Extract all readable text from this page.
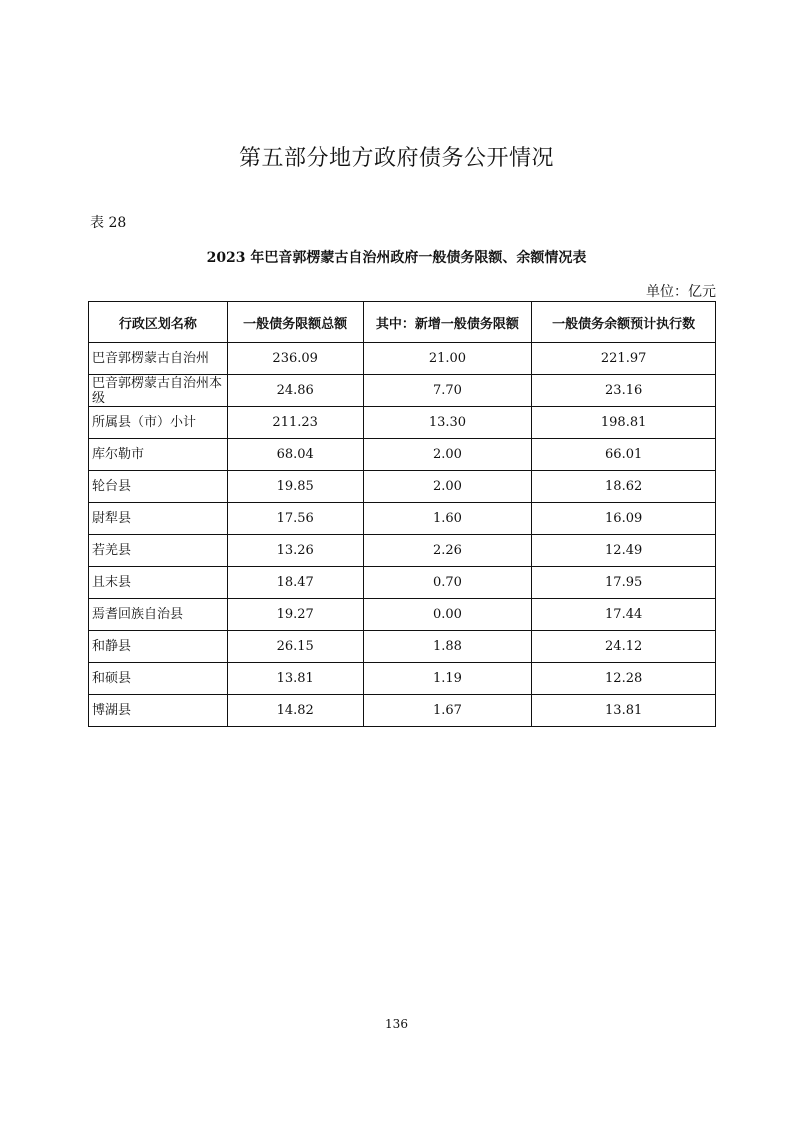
第五部分地方政府债务公开情况
表 28
2023 年巴音郭楞蒙古自治州政府一般债务限额、余额情况表
单位：亿元
行政区划名称	一般债务限额总额	其中：新增一般债务限额	一般债务余额预计执行数
巴音郭楞蒙古自治州	236.09	21.00	221.97
巴音郭楞蒙古自治州本级	24.86	7.70	23.16
所属县（市）小计	211.23	13.30	198.81
库尔勒市	68.04	2.00	66.01
轮台县	19.85	2.00	18.62
尉犁县	17.56	1.60	16.09
若羌县	13.26	2.26	12.49
且末县	18.47	0.70	17.95
焉耆回族自治县	19.27	0.00	17.44
和静县	26.15	1.88	24.12
和硕县	13.81	1.19	12.28
博湖县	14.82	1.67	13.81
136
